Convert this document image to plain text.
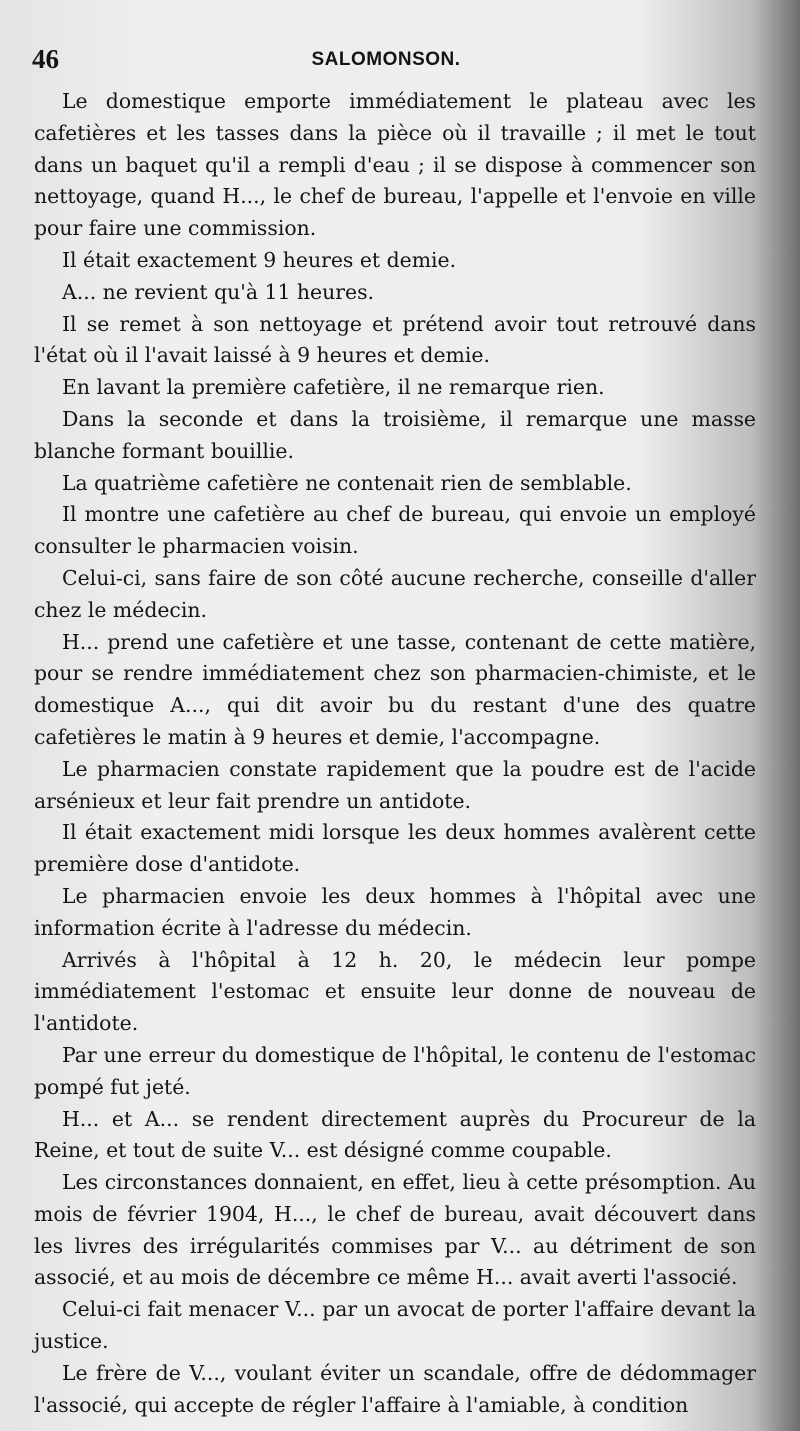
46	SALOMONSON.

Le domestique emporte immédiatement le plateau avec les cafetières et les tasses dans la pièce où il travaille ; il met le tout dans un baquet qu'il a rempli d'eau ; il se dispose à commencer son nettoyage, quand H..., le chef de bureau, l'appelle et l'envoie en ville pour faire une commission.

Il était exactement 9 heures et demie.

A... ne revient qu'à 11 heures.

Il se remet à son nettoyage et prétend avoir tout retrouvé dans l'état où il l'avait laissé à 9 heures et demie.

En lavant la première cafetière, il ne remarque rien.

Dans la seconde et dans la troisième, il remarque une masse blanche formant bouillie.

La quatrième cafetière ne contenait rien de semblable.

Il montre une cafetière au chef de bureau, qui envoie un employé consulter le pharmacien voisin.

Celui-ci, sans faire de son côté aucune recherche, conseille d'aller chez le médecin.

H... prend une cafetière et une tasse, contenant de cette matière, pour se rendre immédiatement chez son pharmacien-chimiste, et le domestique A..., qui dit avoir bu du restant d'une des quatre cafetières le matin à 9 heures et demie, l'accompagne.

Le pharmacien constate rapidement que la poudre est de l'acide arsénieux et leur fait prendre un antidote.

Il était exactement midi lorsque les deux hommes avalèrent cette première dose d'antidote.

Le pharmacien envoie les deux hommes à l'hôpital avec une information écrite à l'adresse du médecin.

Arrivés à l'hôpital à 12 h. 20, le médecin leur pompe immédiatement l'estomac et ensuite leur donne de nouveau de l'antidote.

Par une erreur du domestique de l'hôpital, le contenu de l'estomac pompé fut jeté.

H... et A... se rendent directement auprès du Procureur de la Reine, et tout de suite V... est désigné comme coupable.

Les circonstances donnaient, en effet, lieu à cette présomption. Au mois de février 1904, H..., le chef de bureau, avait découvert dans les livres des irrégularités commises par V... au détriment de son associé, et au mois de décembre ce même H... avait averti l'associé.

Celui-ci fait menacer V... par un avocat de porter l'affaire devant la justice.

Le frère de V..., voulant éviter un scandale, offre de dédommager l'associé, qui accepte de régler l'affaire à l'amiable, à condition
